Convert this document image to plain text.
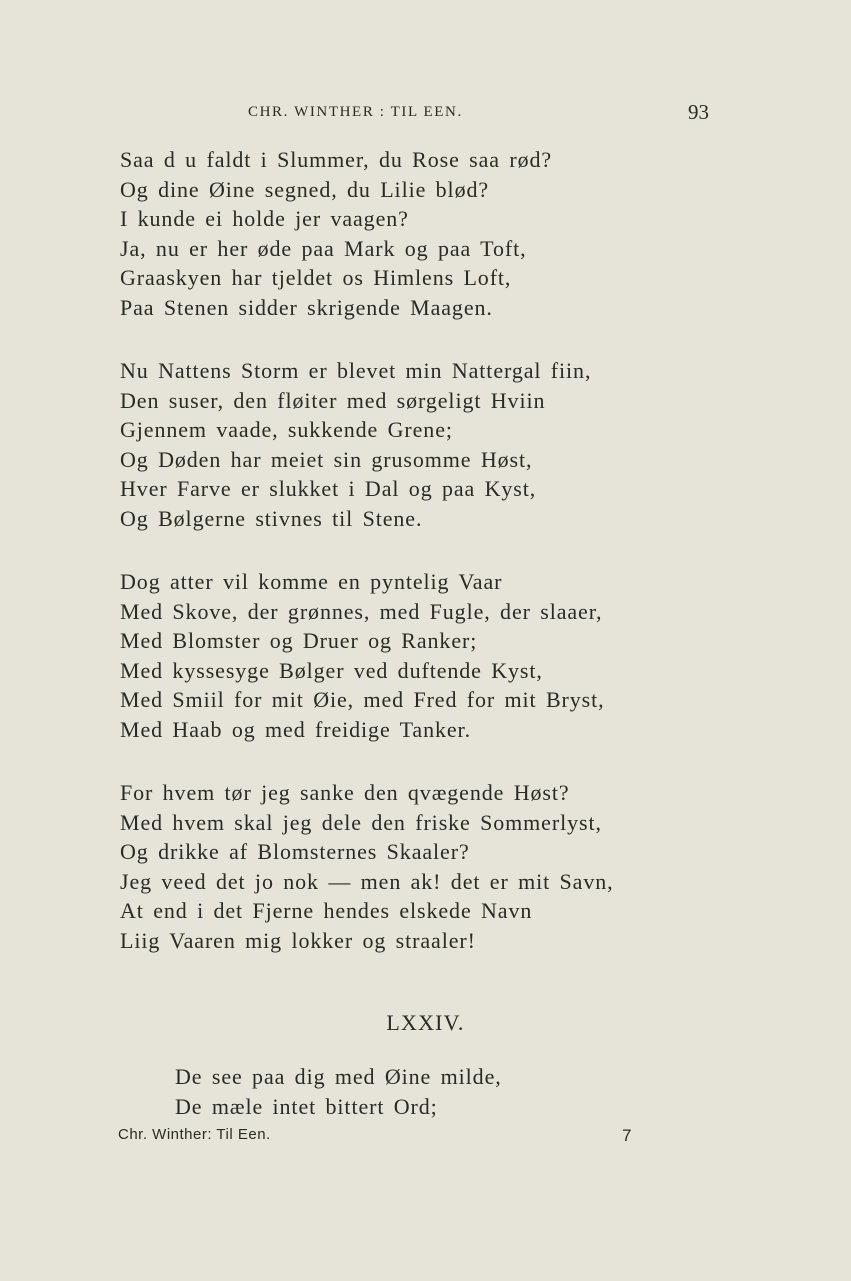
CHR. WINTHER : TIL EEN.	93
Saa d u faldt i Slummer, du Rose saa rød?
Og dine Øine segned, du Lilie blød?
I kunde ei holde jer vaagen?
Ja, nu er her øde paa Mark og paa Toft,
Graaskyen har tjeldet os Himlens Loft,
Paa Stenen sidder skrigende Maagen.
Nu Nattens Storm er blevet min Nattergal fiin,
Den suser, den fløiter med sørgeligt Hviin
Gjennem vaade, sukkende Grene;
Og Døden har meiet sin grusomme Høst,
Hver Farve er slukket i Dal og paa Kyst,
Og Bølgerne stivnes til Stene.
Dog atter vil komme en pyntelig Vaar
Med Skove, der grønnes, med Fugle, der slaaer,
Med Blomster og Druer og Ranker;
Med kyssesyge Bølger ved duftende Kyst,
Med Smiil for mit Øie, med Fred for mit Bryst,
Med Haab og med freidige Tanker.
For hvem tør jeg sanke den qvægende Høst?
Med hvem skal jeg dele den friske Sommerlyst,
Og drikke af Blomsternes Skaaler?
Jeg veed det jo nok — men ak! det er mit Savn,
At end i det Fjerne hendes elskede Navn
Liig Vaaren mig lokker og straaler!
LXXIV.
De see paa dig med Øine milde,
De mæle intet bittert Ord;
Chr. Winther: Til Een.	7
